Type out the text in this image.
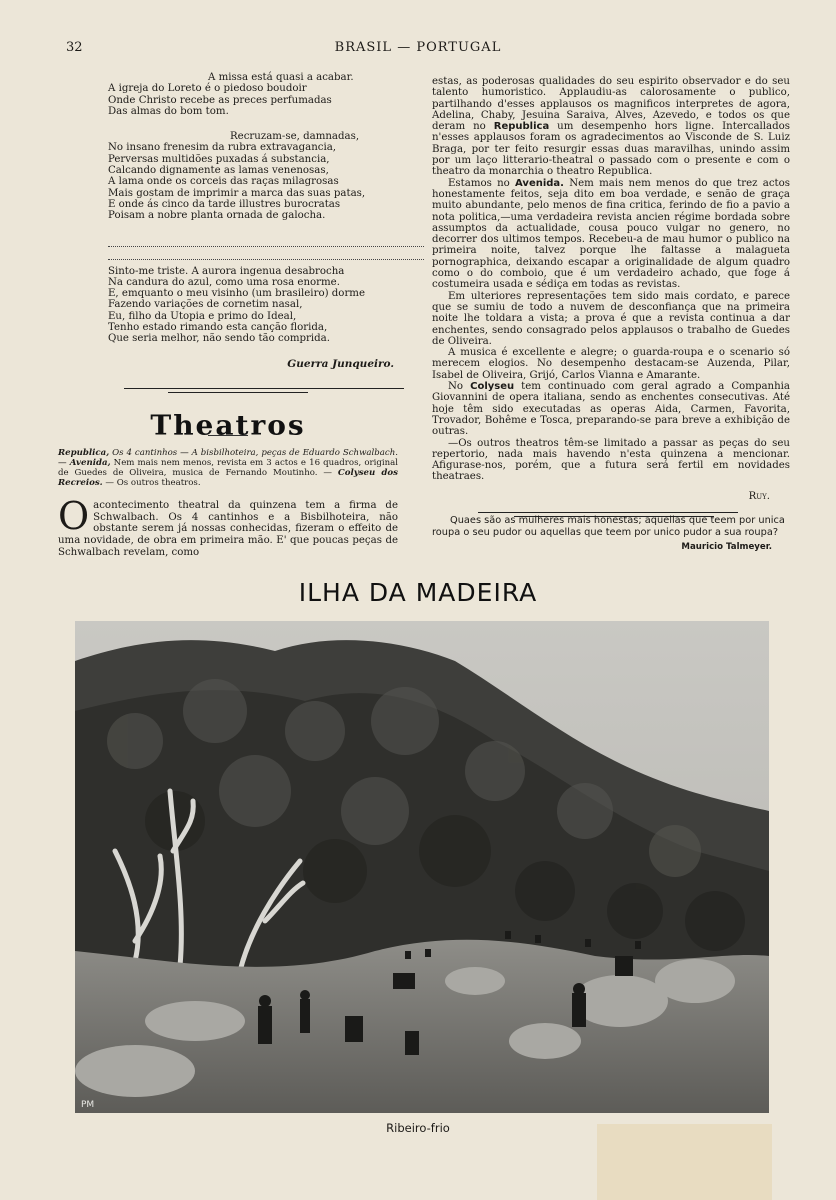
32	BRASIL — PORTUGAL
A missa está quasi a acabar.
A igreja do Loreto é o piedoso boudoir
Onde Christo recebe as preces perfumadas
Das almas do bom tom.
Recruzam-se, damnadas,
No insano frenesim da rubra extravagancia,
Perversas multidões puxadas á substancia,
Calcando dignamente as lamas venenosas,
A lama onde os corceis das raças milagrosas
Mais gostam de imprimir a marca das suas patas,
E onde ás cinco da tarde illustres burocratas
Poisam a nobre planta ornada de galocha.
Sinto-me triste. A aurora ingenua desabrocha
Na candura do azul, como uma rosa enorme.
E, emquanto o meu visinho (um brasileiro) dorme
Fazendo variações de cornetim nasal,
Eu, filho da Utopia e primo do Ideal,
Tenho estado rimando esta canção florida,
Que seria melhor, não sendo tão comprida.
Guerra Junqueiro.
Theatros

Republica, Os 4 cantinhos — A bisbilhoteira, peças de Eduardo Schwalbach. — Avenida, Nem mais nem menos, revista em 3 actos e 16 quadros, original de Guedes de Oliveira, musica de Fernando Moutinho. — Colyseu dos Recreios. — Os outros theatros.

O acontecimento theatral da quinzena tem a firma de Schwalbach. Os 4 cantinhos e a Bisbilhoteira, não obstante serem já nossas conhecidas, fizeram o effeito de uma novidade, de obra em primeira mão. E' que poucas peças de Schwalbach revelam, como

estas, as poderosas qualidades do seu espirito observador e do seu talento humoristico. Applaudiu-as calorosamente o publico, partilhando d'esses applausos os magnificos interpretes de agora, Adelina, Chaby, Jesuina Saraiva, Alves, Azevedo, e todos os que deram no Republica um desempenho hors ligne. Intercallados n'esses applausos foram os agradecimentos ao Visconde de S. Luiz Braga, por ter feito resurgir essas duas maravilhas, unindo assim por um laço litterario-theatral o passado com o presente e com o theatro da monarchia o theatro Republica.

Estamos no Avenida. Nem mais nem menos do que trez actos honestamente feitos, seja dito em boa verdade, e senão de graça muito abundante, pelo menos de fina critica, ferindo de fio a pavio a nota politica,—uma verdadeira revista ancien régime bordada sobre assumptos da actualidade, cousa pouco vulgar no genero, no decorrer dos ultimos tempos. Recebeu-a de mau humor o publico na primeira noite, talvez porque lhe faltasse a malagueta pornographica, deixando escapar a originalidade de algum quadro como o do comboio, que é um verdadeiro achado, que foge á costumeira usada e sédiça em todas as revistas.

Em ulteriores representações tem sido mais cordato, e parece que se sumiu de todo a nuvem de desconfiança que na primeira noite lhe toldara a vista; a prova é que a revista continua a dar enchentes, sendo consagrado pelos applausos o trabalho de Guedes de Oliveira.

A musica é excellente e alegre; o guarda-roupa e o scenario só merecem elogios. No desempenho destacam-se Auzenda, Pilar, Isabel de Oliveira, Grijó, Carlos Vianna e Amarante.

No Colyseu tem continuado com geral agrado a Companhia Giovannini de opera italiana, sendo as enchentes consecutivas. Até hoje têm sido executadas as operas Aida, Carmen, Favorita, Trovador, Bohême e Tosca, preparando-se para breve a exhibição de outras.

—Os outros theatros têm-se limitado a passar as peças do seu repertorio, nada mais havendo n'esta quinzena a mencionar. Afigurase-nos, porém, que a futura será fertil em novidades theatraes.

Ruy.
Quaes são as mulheres mais honestas; aquellas que teem por unica roupa o seu pudor ou aquellas que teem por unico pudor a sua roupa?
Mauricio Talmeyer.
ILHA DA MADEIRA
PM
Ribeiro-frio
